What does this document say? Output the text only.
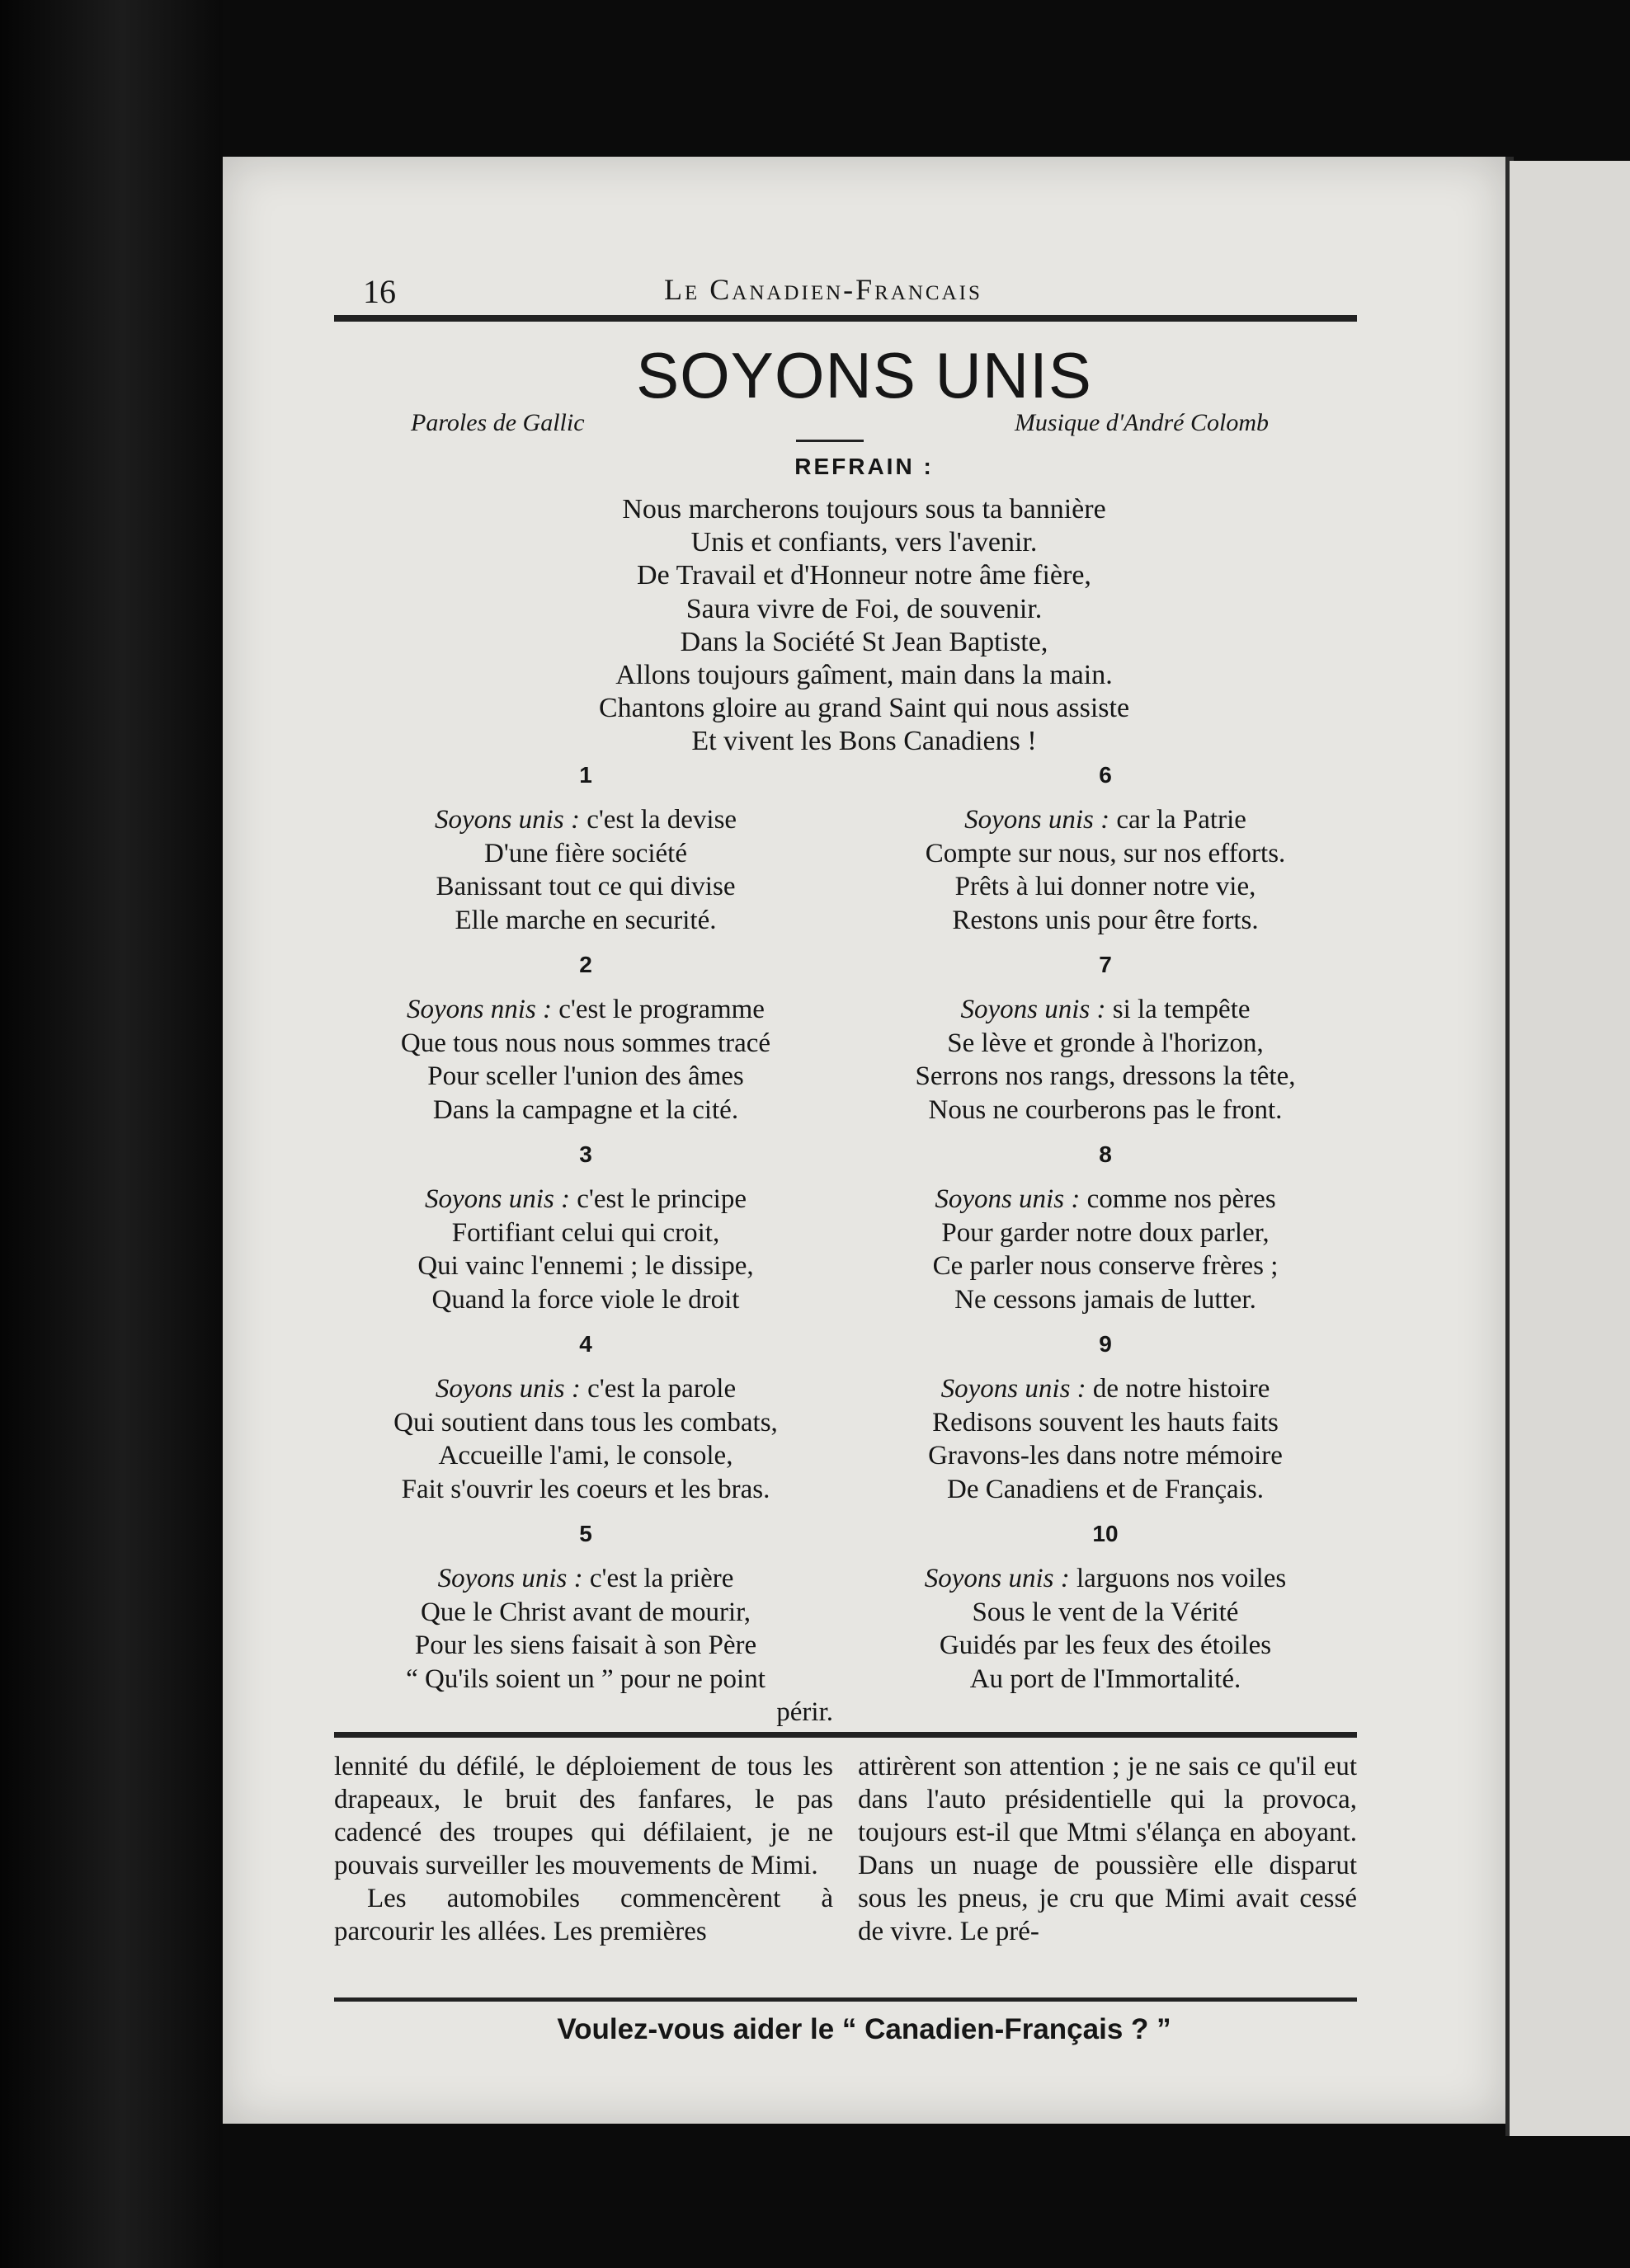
16	Le Canadien-Francais
SOYONS UNIS
Paroles de Gallic	Musique d'André Colomb
REFRAIN :
Nous marcherons toujours sous ta bannière
Unis et confiants, vers l'avenir.
De Travail et d'Honneur notre âme fière,
Saura vivre de Foi, de souvenir.
Dans la Société St Jean Baptiste,
Allons toujours gaîment, main dans la main.
Chantons gloire au grand Saint qui nous assiste
Et vivent les Bons Canadiens !
1
Soyons unis : c'est la devise
D'une fière société
Banissant tout ce qui divise
Elle marche en securité.
2
Soyons nnis : c'est le programme
Que tous nous nous sommes tracé
Pour sceller l'union des âmes
Dans la campagne et la cité.
3
Soyons unis : c'est le principe
Fortifiant celui qui croit,
Qui vainc l'ennemi ; le dissipe,
Quand la force viole le droit
4
Soyons unis : c'est la parole
Qui soutient dans tous les combats,
Accueille l'ami, le console,
Fait s'ouvrir les coeurs et les bras.
5
Soyons unis : c'est la prière
Que le Christ avant de mourir,
Pour les siens faisait à son Père
“ Qu'ils soient un ” pour ne point
périr.
6
Soyons unis : car la Patrie
Compte sur nous, sur nos efforts.
Prêts à lui donner notre vie,
Restons unis pour être forts.
7
Soyons unis : si la tempête
Se lève et gronde à l'horizon,
Serrons nos rangs, dressons la tête,
Nous ne courberons pas le front.
8
Soyons unis : comme nos pères
Pour garder notre doux parler,
Ce parler nous conserve frères ;
Ne cessons jamais de lutter.
9
Soyons unis : de notre histoire
Redisons souvent les hauts faits
Gravons-les dans notre mémoire
De Canadiens et de Français.
10
Soyons unis : larguons nos voiles
Sous le vent de la Vérité
Guidés par les feux des étoiles
Au port de l'Immortalité.

lennité du défilé, le déploiement de tous les drapeaux, le bruit des fanfares, le pas cadencé des troupes qui défilaient, je ne pouvais surveiller les mouvements de Mimi.

Les automobiles commencèrent à parcourir les allées. Les premières

attirèrent son attention ; je ne sais ce qu'il eut dans l'auto présidentielle qui la provoca, toujours est-il que Mtmi s'élança en aboyant. Dans un nuage de poussière elle disparut sous les pneus, je cru que Mimi avait cessé de vivre. Le pré-

Voulez-vous aider le “ Canadien-Français ? ”
